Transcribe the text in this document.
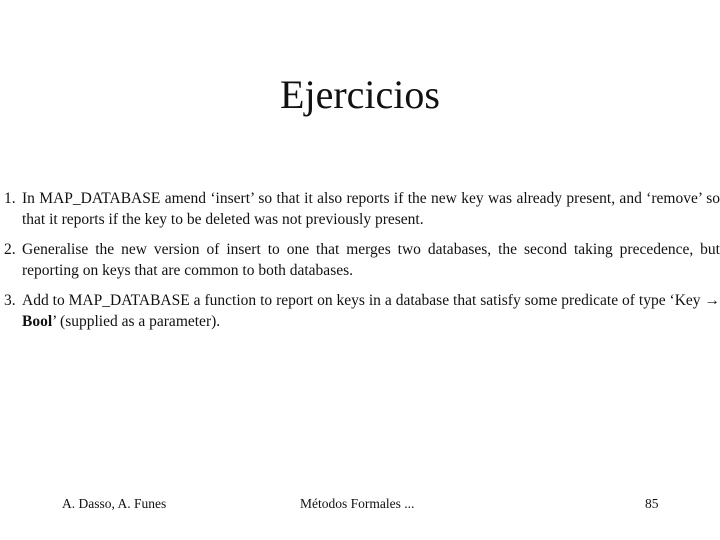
Ejercicios
1. In MAP_DATABASE amend ‘insert’ so that it also reports if the new key was already present, and ‘remove’ so that it reports if the key to be deleted was not previously present.
2. Generalise the new version of insert to one that merges two databases, the second taking precedence, but reporting on keys that are common to both databases.
3. Add to MAP_DATABASE a function to report on keys in a database that satisfy some predicate of type ‘Key → Bool’ (supplied as a parameter).
A. Dasso, A. Funes	Métodos Formales ...	85
